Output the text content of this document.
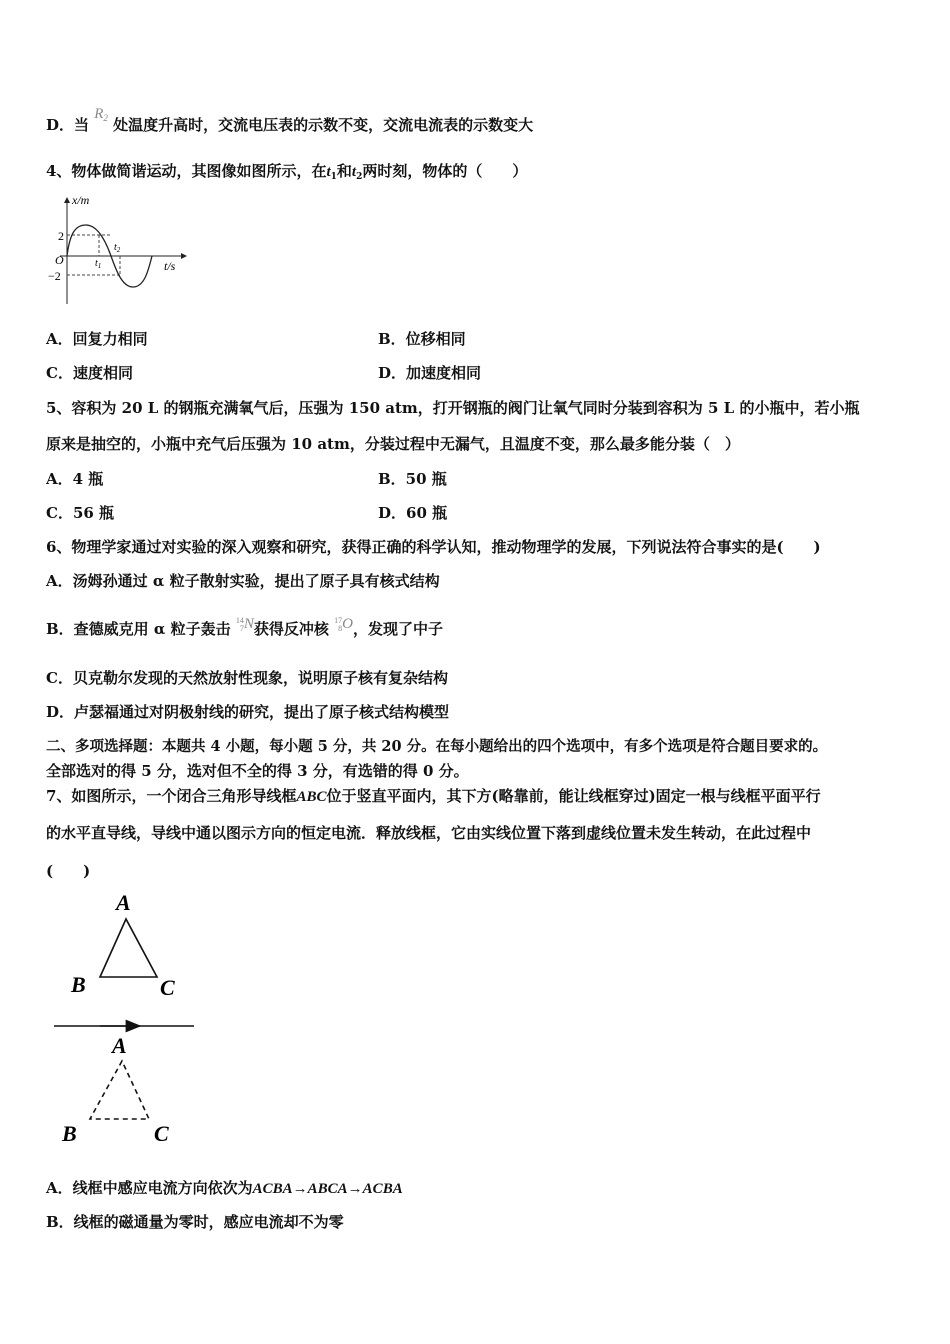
D．当 $R_2$ 处温度升高时，交流电压表的示数不变，交流电流表的示数变大
4、物体做简谐运动，其图像如图所示，在$t_1$和$t_2$两时刻，物体的（　　）
x/m
t/s
O
2
−2
$t_1$
$t_2$
A．回复力相同	B．位移相同
C．速度相同	D．加速度相同
5、容积为 20 L 的钢瓶充满氧气后，压强为 150 atm，打开钢瓶的阀门让氧气同时分装到容积为 5 L 的小瓶中，若小瓶
原来是抽空的，小瓶中充气后压强为 10 atm，分装过程中无漏气，且温度不变，那么最多能分装（　）
A．4 瓶	B．50 瓶
C．56 瓶	D．60 瓶
6、物理学家通过对实验的深入观察和研究，获得正确的科学认知，推动物理学的发展，下列说法符合事实的是(　　)
A．汤姆孙通过 α 粒子散射实验，提出了原子具有核式结构
B．查德威克用 α 粒子轰击 14
7N获得反冲核 17
8O，发现了中子
C．贝克勒尔发现的天然放射性现象，说明原子核有复杂结构
D．卢瑟福通过对阴极射线的研究，提出了原子核式结构模型
二、多项选择题：本题共 4 小题，每小题 5 分，共 20 分。在每小题给出的四个选项中，有多个选项是符合题目要求的。
全部选对的得 5 分，选对但不全的得 3 分，有选错的得 0 分。
7、如图所示，一个闭合三角形导线框ABC位于竖直平面内，其下方(略靠前，能让线框穿过)固定一根与线框平面平行
的水平直导线，导线中通以图示方向的恒定电流．释放线框，它由实线位置下落到虚线位置未发生转动，在此过程中
(　　)
A
B	C
A
B	C
A．线框中感应电流方向依次为ACBA→ABCA→ACBA
B．线框的磁通量为零时，感应电流却不为零
